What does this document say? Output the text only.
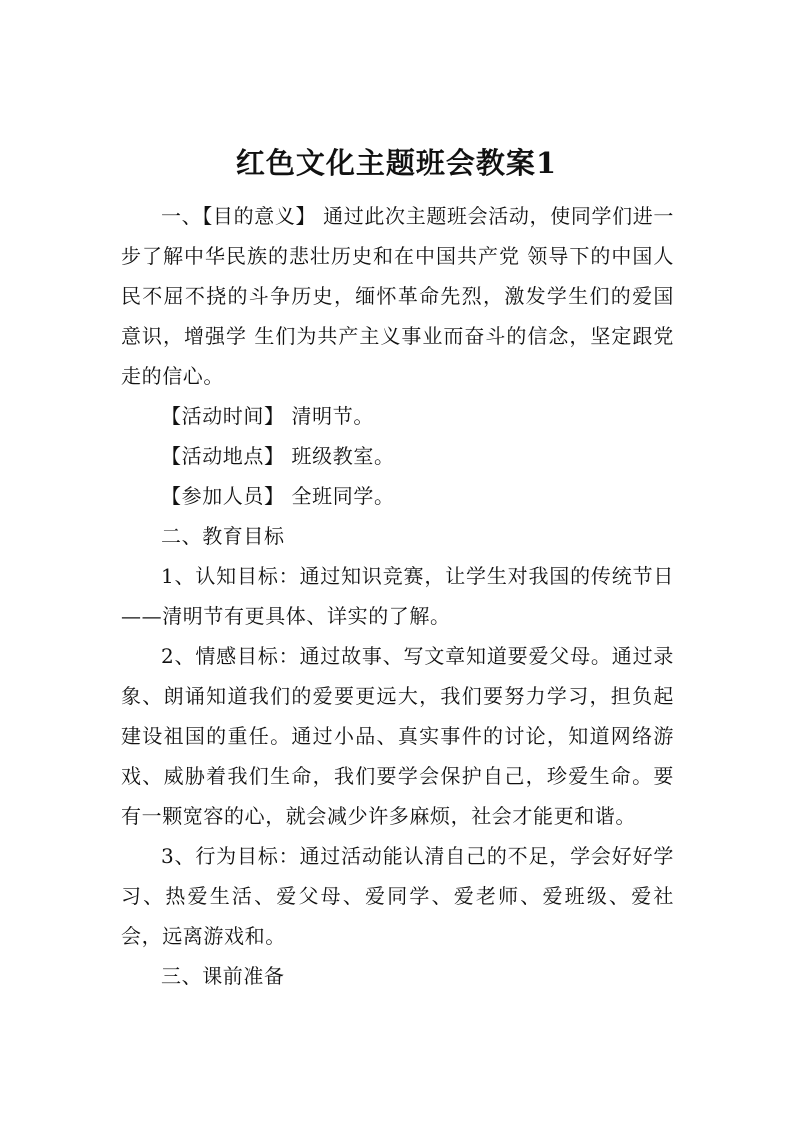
红色文化主题班会教案1

一、【目的意义】 通过此次主题班会活动，使同学们进一步了解中华民族的悲壮历史和在中国共产党 领导下的中国人民不屈不挠的斗争历史，缅怀革命先烈，激发学生们的爱国意识，增强学 生们为共产主义事业而奋斗的信念，坚定跟党走的信心。

【活动时间】 清明节。

【活动地点】 班级教室。

【参加人员】 全班同学。

二、教育目标

1、认知目标：通过知识竞赛，让学生对我国的传统节日——清明节有更具体、详实的了解。

2、情感目标：通过故事、写文章知道要爱父母。通过录象、朗诵知道我们的爱要更远大，我们要努力学习，担负起建设祖国的重任。通过小品、真实事件的讨论，知道网络游戏、威胁着我们生命，我们要学会保护自己，珍爱生命。要有一颗宽容的心，就会减少许多麻烦，社会才能更和谐。

3、行为目标：通过活动能认清自己的不足，学会好好学习、热爱生活、爱父母、爱同学、爱老师、爱班级、爱社会，远离游戏和。

三、课前准备
